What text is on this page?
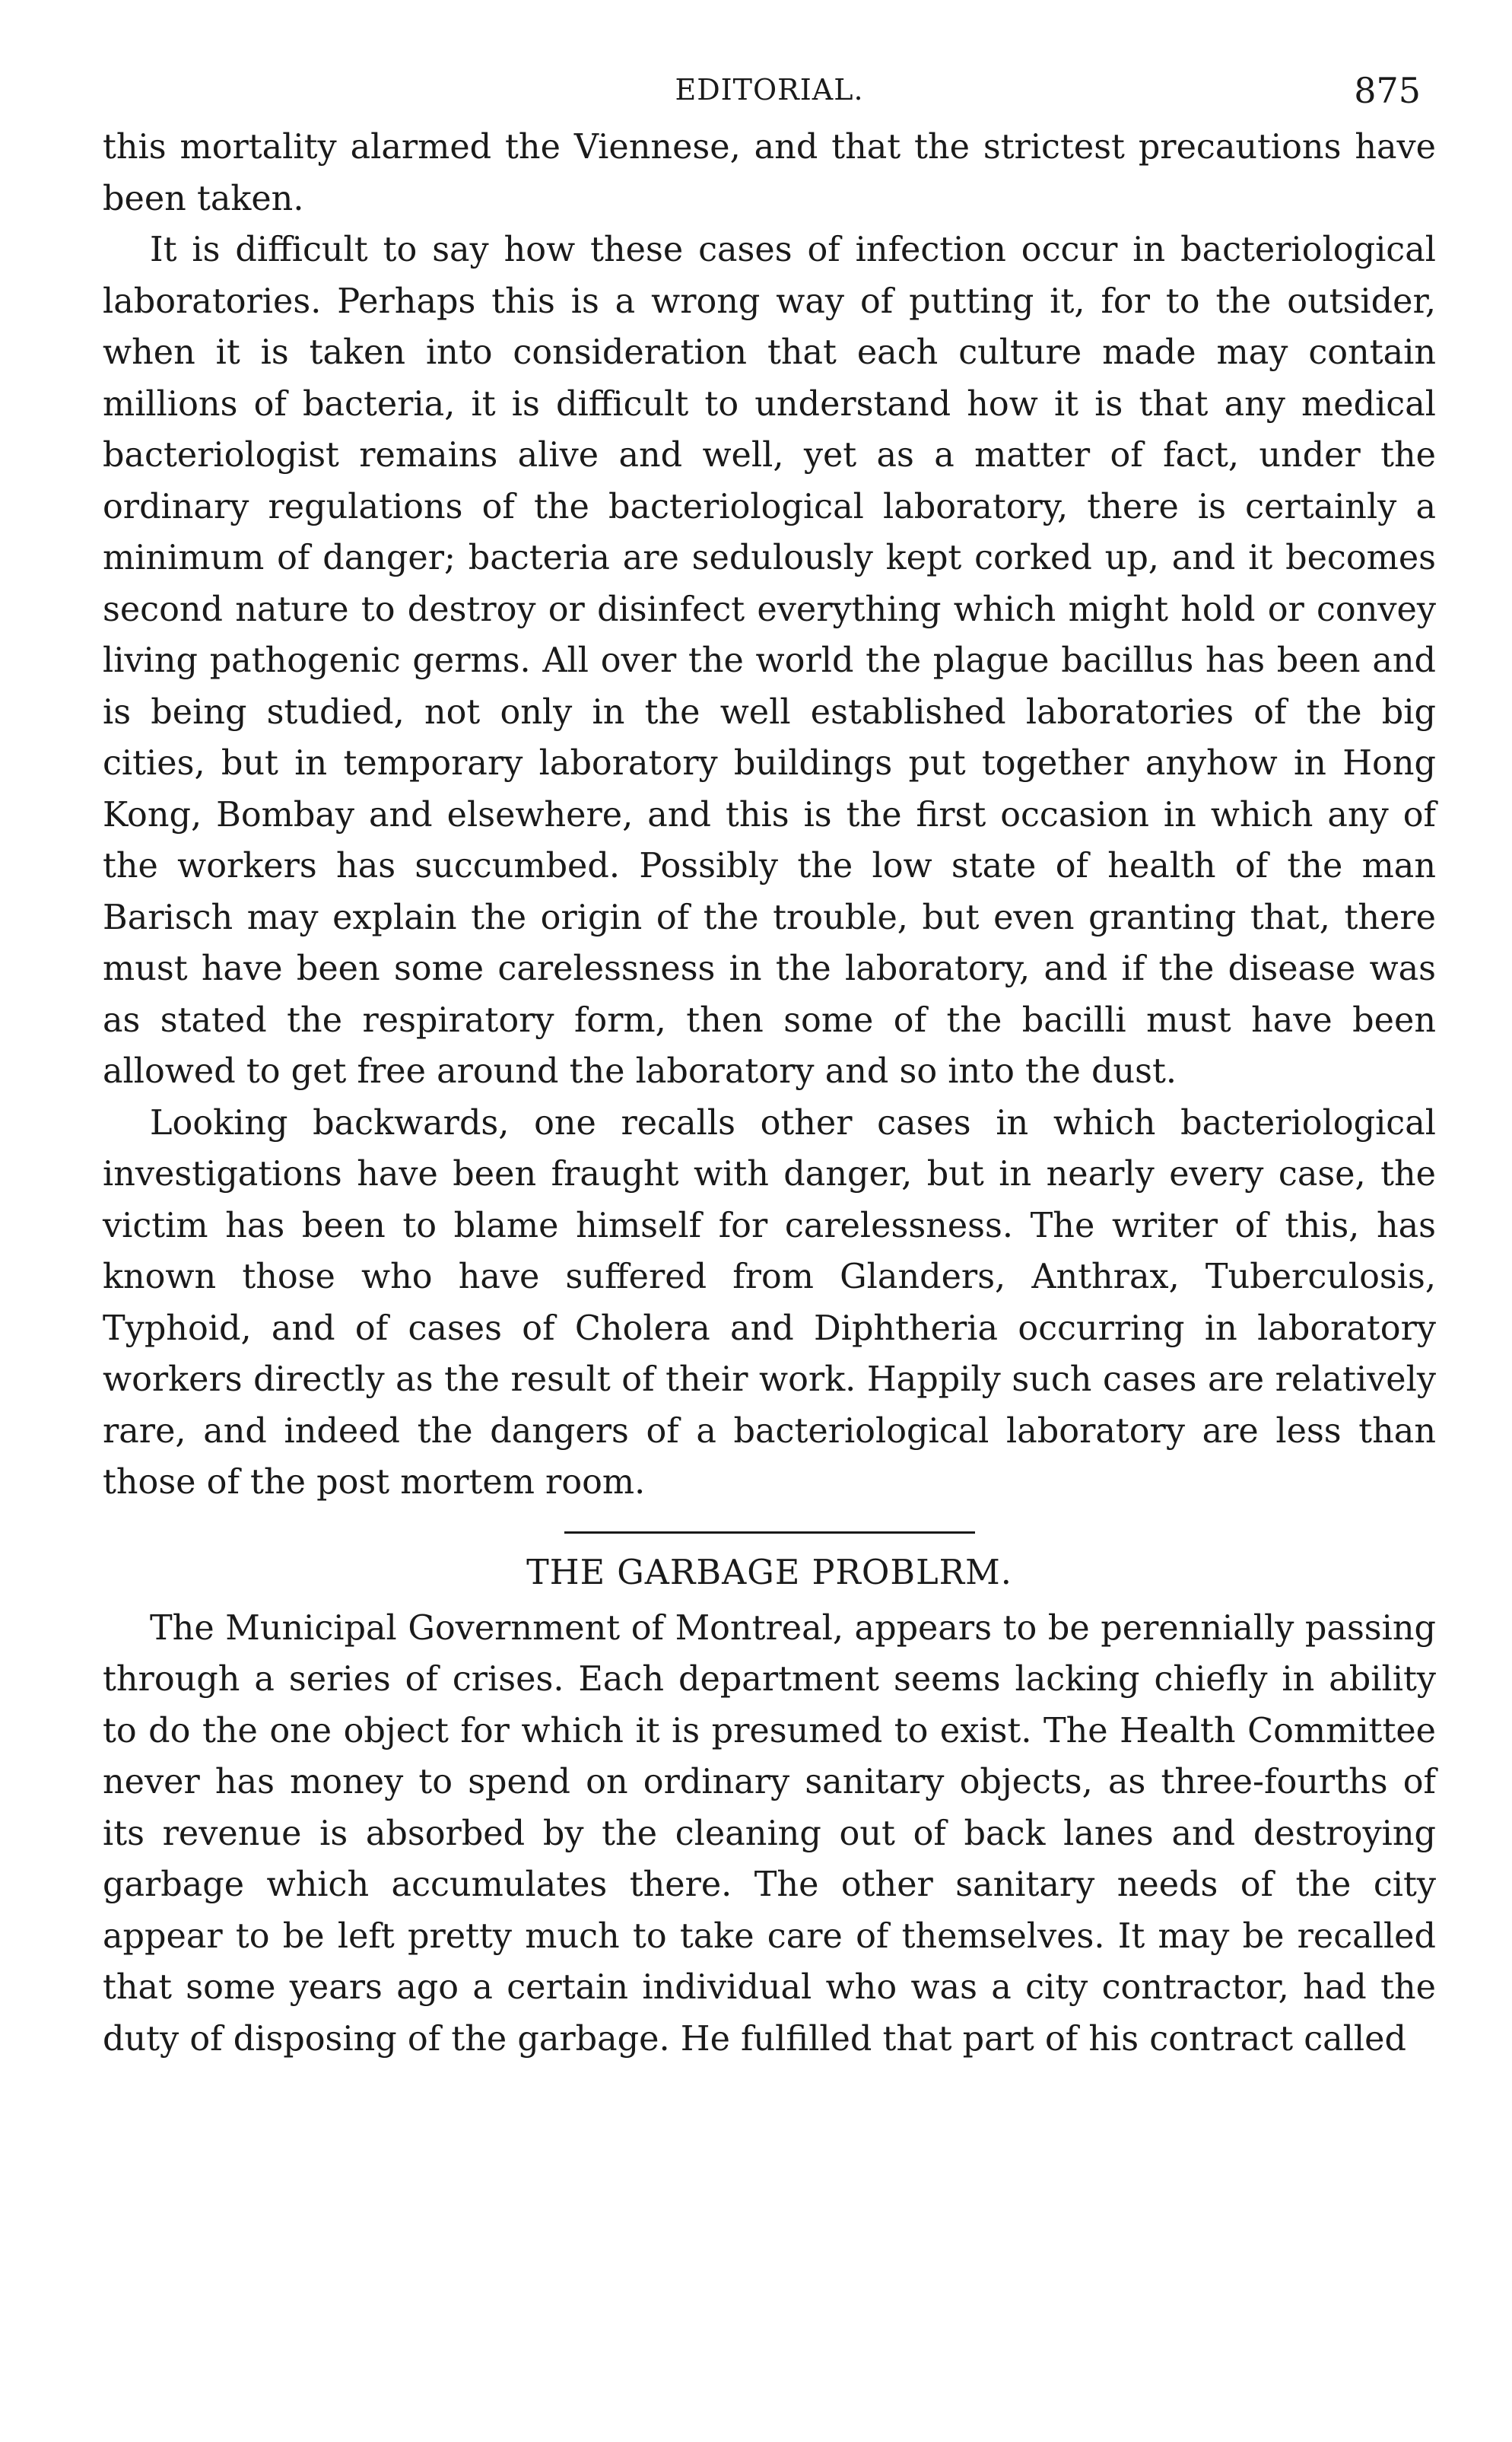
EDITORIAL.	875

this mortality alarmed the Viennese, and that the strictest precautions have been taken.

It is difficult to say how these cases of infection occur in bacteriological laboratories. Perhaps this is a wrong way of putting it, for to the outsider, when it is taken into consideration that each culture made may contain millions of bacteria, it is difficult to understand how it is that any medical bacteriologist remains alive and well, yet as a matter of fact, under the ordinary regulations of the bacteriological laboratory, there is certainly a minimum of danger; bacteria are sedulously kept corked up, and it becomes second nature to destroy or disinfect everything which might hold or convey living pathogenic germs. All over the world the plague bacillus has been and is being studied, not only in the well established laboratories of the big cities, but in temporary laboratory buildings put together anyhow in Hong Kong, Bombay and elsewhere, and this is the first occasion in which any of the workers has succumbed. Possibly the low state of health of the man Barisch may explain the origin of the trouble, but even granting that, there must have been some carelessness in the laboratory, and if the disease was as stated the respiratory form, then some of the bacilli must have been allowed to get free around the laboratory and so into the dust.

Looking backwards, one recalls other cases in which bacteriological investigations have been fraught with danger, but in nearly every case, the victim has been to blame himself for carelessness. The writer of this, has known those who have suffered from Glanders, Anthrax, Tuberculosis, Typhoid, and of cases of Cholera and Diphtheria occurring in laboratory workers directly as the result of their work. Happily such cases are relatively rare, and indeed the dangers of a bacteriological laboratory are less than those of the post mortem room.

THE GARBAGE PROBLRM.

The Municipal Government of Montreal, appears to be perennially passing through a series of crises. Each department seems lacking chiefly in ability to do the one object for which it is presumed to exist. The Health Committee never has money to spend on ordinary sanitary objects, as three-fourths of its revenue is absorbed by the cleaning out of back lanes and destroying garbage which accumulates there. The other sanitary needs of the city appear to be left pretty much to take care of themselves. It may be recalled that some years ago a certain individual who was a city contractor, had the duty of disposing of the garbage. He fulfilled that part of his contract called
